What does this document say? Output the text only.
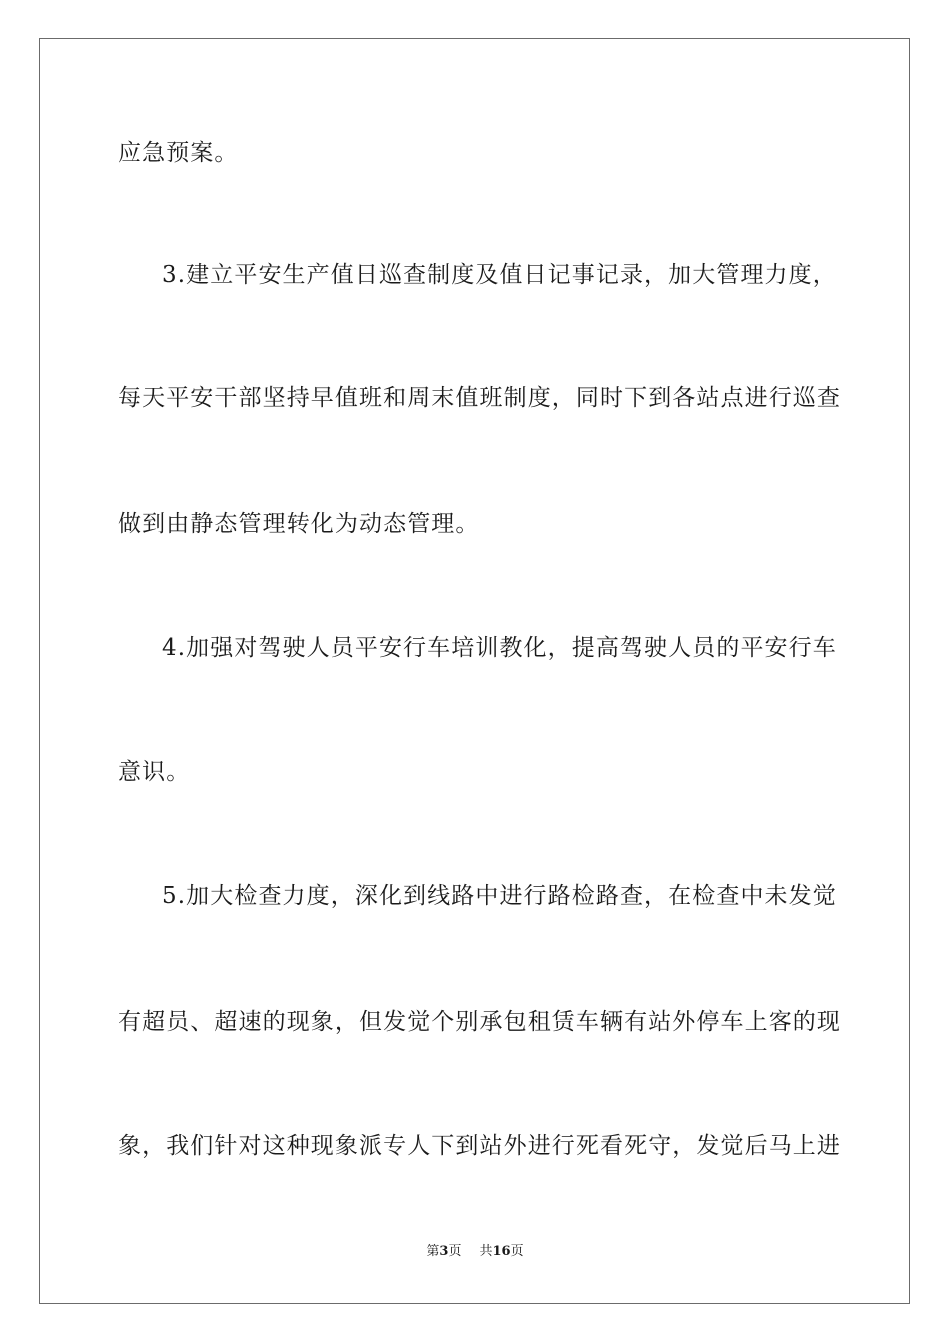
应急预案。
3.建立平安生产值日巡查制度及值日记事记录，加大管理力度，
每天平安干部坚持早值班和周末值班制度，同时下到各站点进行巡查
做到由静态管理转化为动态管理。
4.加强对驾驶人员平安行车培训教化，提高驾驶人员的平安行车
意识。
5.加大检查力度，深化到线路中进行路检路查，在检查中未发觉
有超员、超速的现象，但发觉个别承包租赁车辆有站外停车上客的现
象，我们针对这种现象派专人下到站外进行死看死守，发觉后马上进
第3页 共16页
